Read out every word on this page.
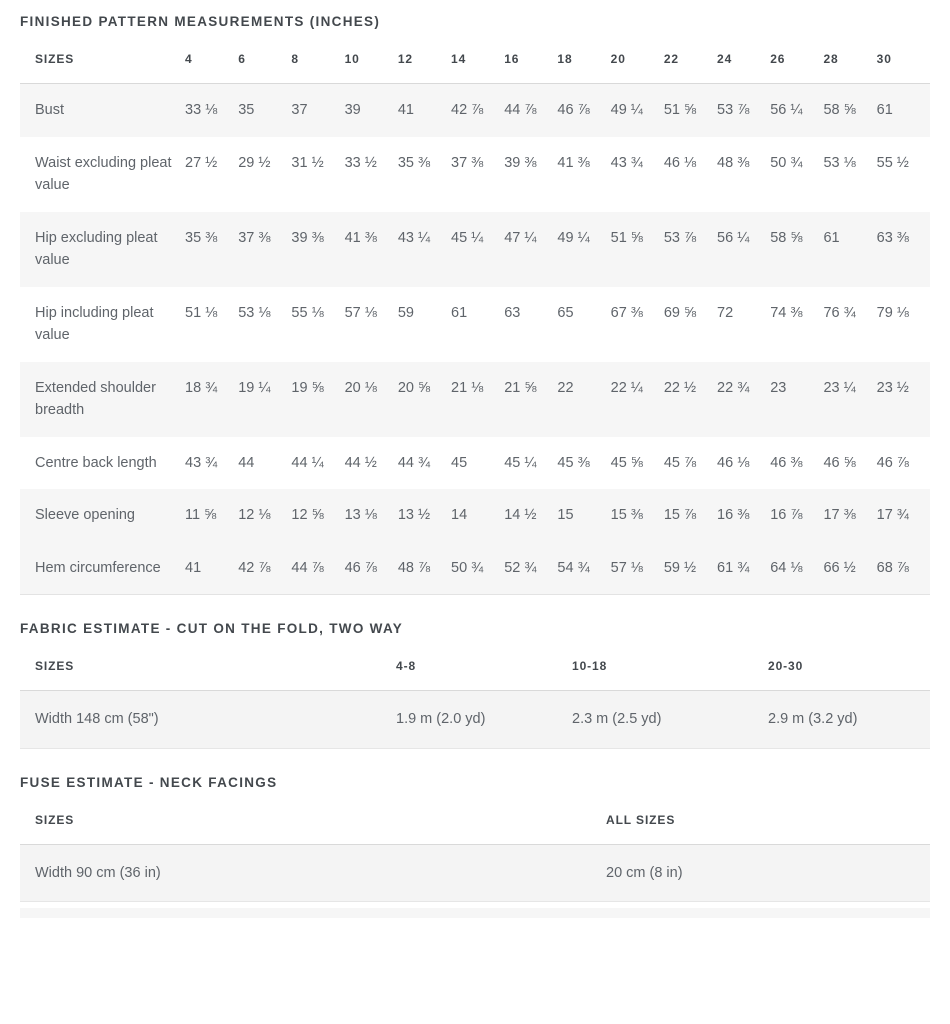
FINISHED PATTERN MEASUREMENTS (INCHES)
SIZES	4	6	8	10	12	14	16	18	20	22	24	26	28	30
Bust	33 ⅛	35	37	39	41	42 ⅞	44 ⅞	46 ⅞	49 ¼	51 ⅝	53 ⅞	56 ¼	58 ⅝	61
Waist excluding pleat value	27 ½	29 ½	31 ½	33 ½	35 ⅜	37 ⅜	39 ⅜	41 ⅜	43 ¾	46 ⅛	48 ⅜	50 ¾	53 ⅛	55 ½
Hip excluding pleat value	35 ⅜	37 ⅜	39 ⅜	41 ⅜	43 ¼	45 ¼	47 ¼	49 ¼	51 ⅝	53 ⅞	56 ¼	58 ⅝	61	63 ⅜
Hip including pleat value	51 ⅛	53 ⅛	55 ⅛	57 ⅛	59	61	63	65	67 ⅜	69 ⅝	72	74 ⅜	76 ¾	79 ⅛
Extended shoulder breadth	18 ¾	19 ¼	19 ⅝	20 ⅛	20 ⅝	21 ⅛	21 ⅝	22	22 ¼	22 ½	22 ¾	23	23 ¼	23 ½
Centre back length	43 ¾	44	44 ¼	44 ½	44 ¾	45	45 ¼	45 ⅜	45 ⅝	45 ⅞	46 ⅛	46 ⅜	46 ⅝	46 ⅞
Sleeve opening	11 ⅝	12 ⅛	12 ⅝	13 ⅛	13 ½	14	14 ½	15	15 ⅜	15 ⅞	16 ⅜	16 ⅞	17 ⅜	17 ¾
Hem circumference	41	42 ⅞	44 ⅞	46 ⅞	48 ⅞	50 ¾	52 ¾	54 ¾	57 ⅛	59 ½	61 ¾	64 ⅛	66 ½	68 ⅞
FABRIC ESTIMATE - CUT ON THE FOLD, TWO WAY
SIZES	4-8	10-18	20-30
Width 148 cm (58")	1.9 m (2.0 yd)	2.3 m (2.5 yd)	2.9 m (3.2 yd)
FUSE ESTIMATE - NECK FACINGS
SIZES	ALL SIZES
Width 90 cm (36 in)	20 cm (8 in)
